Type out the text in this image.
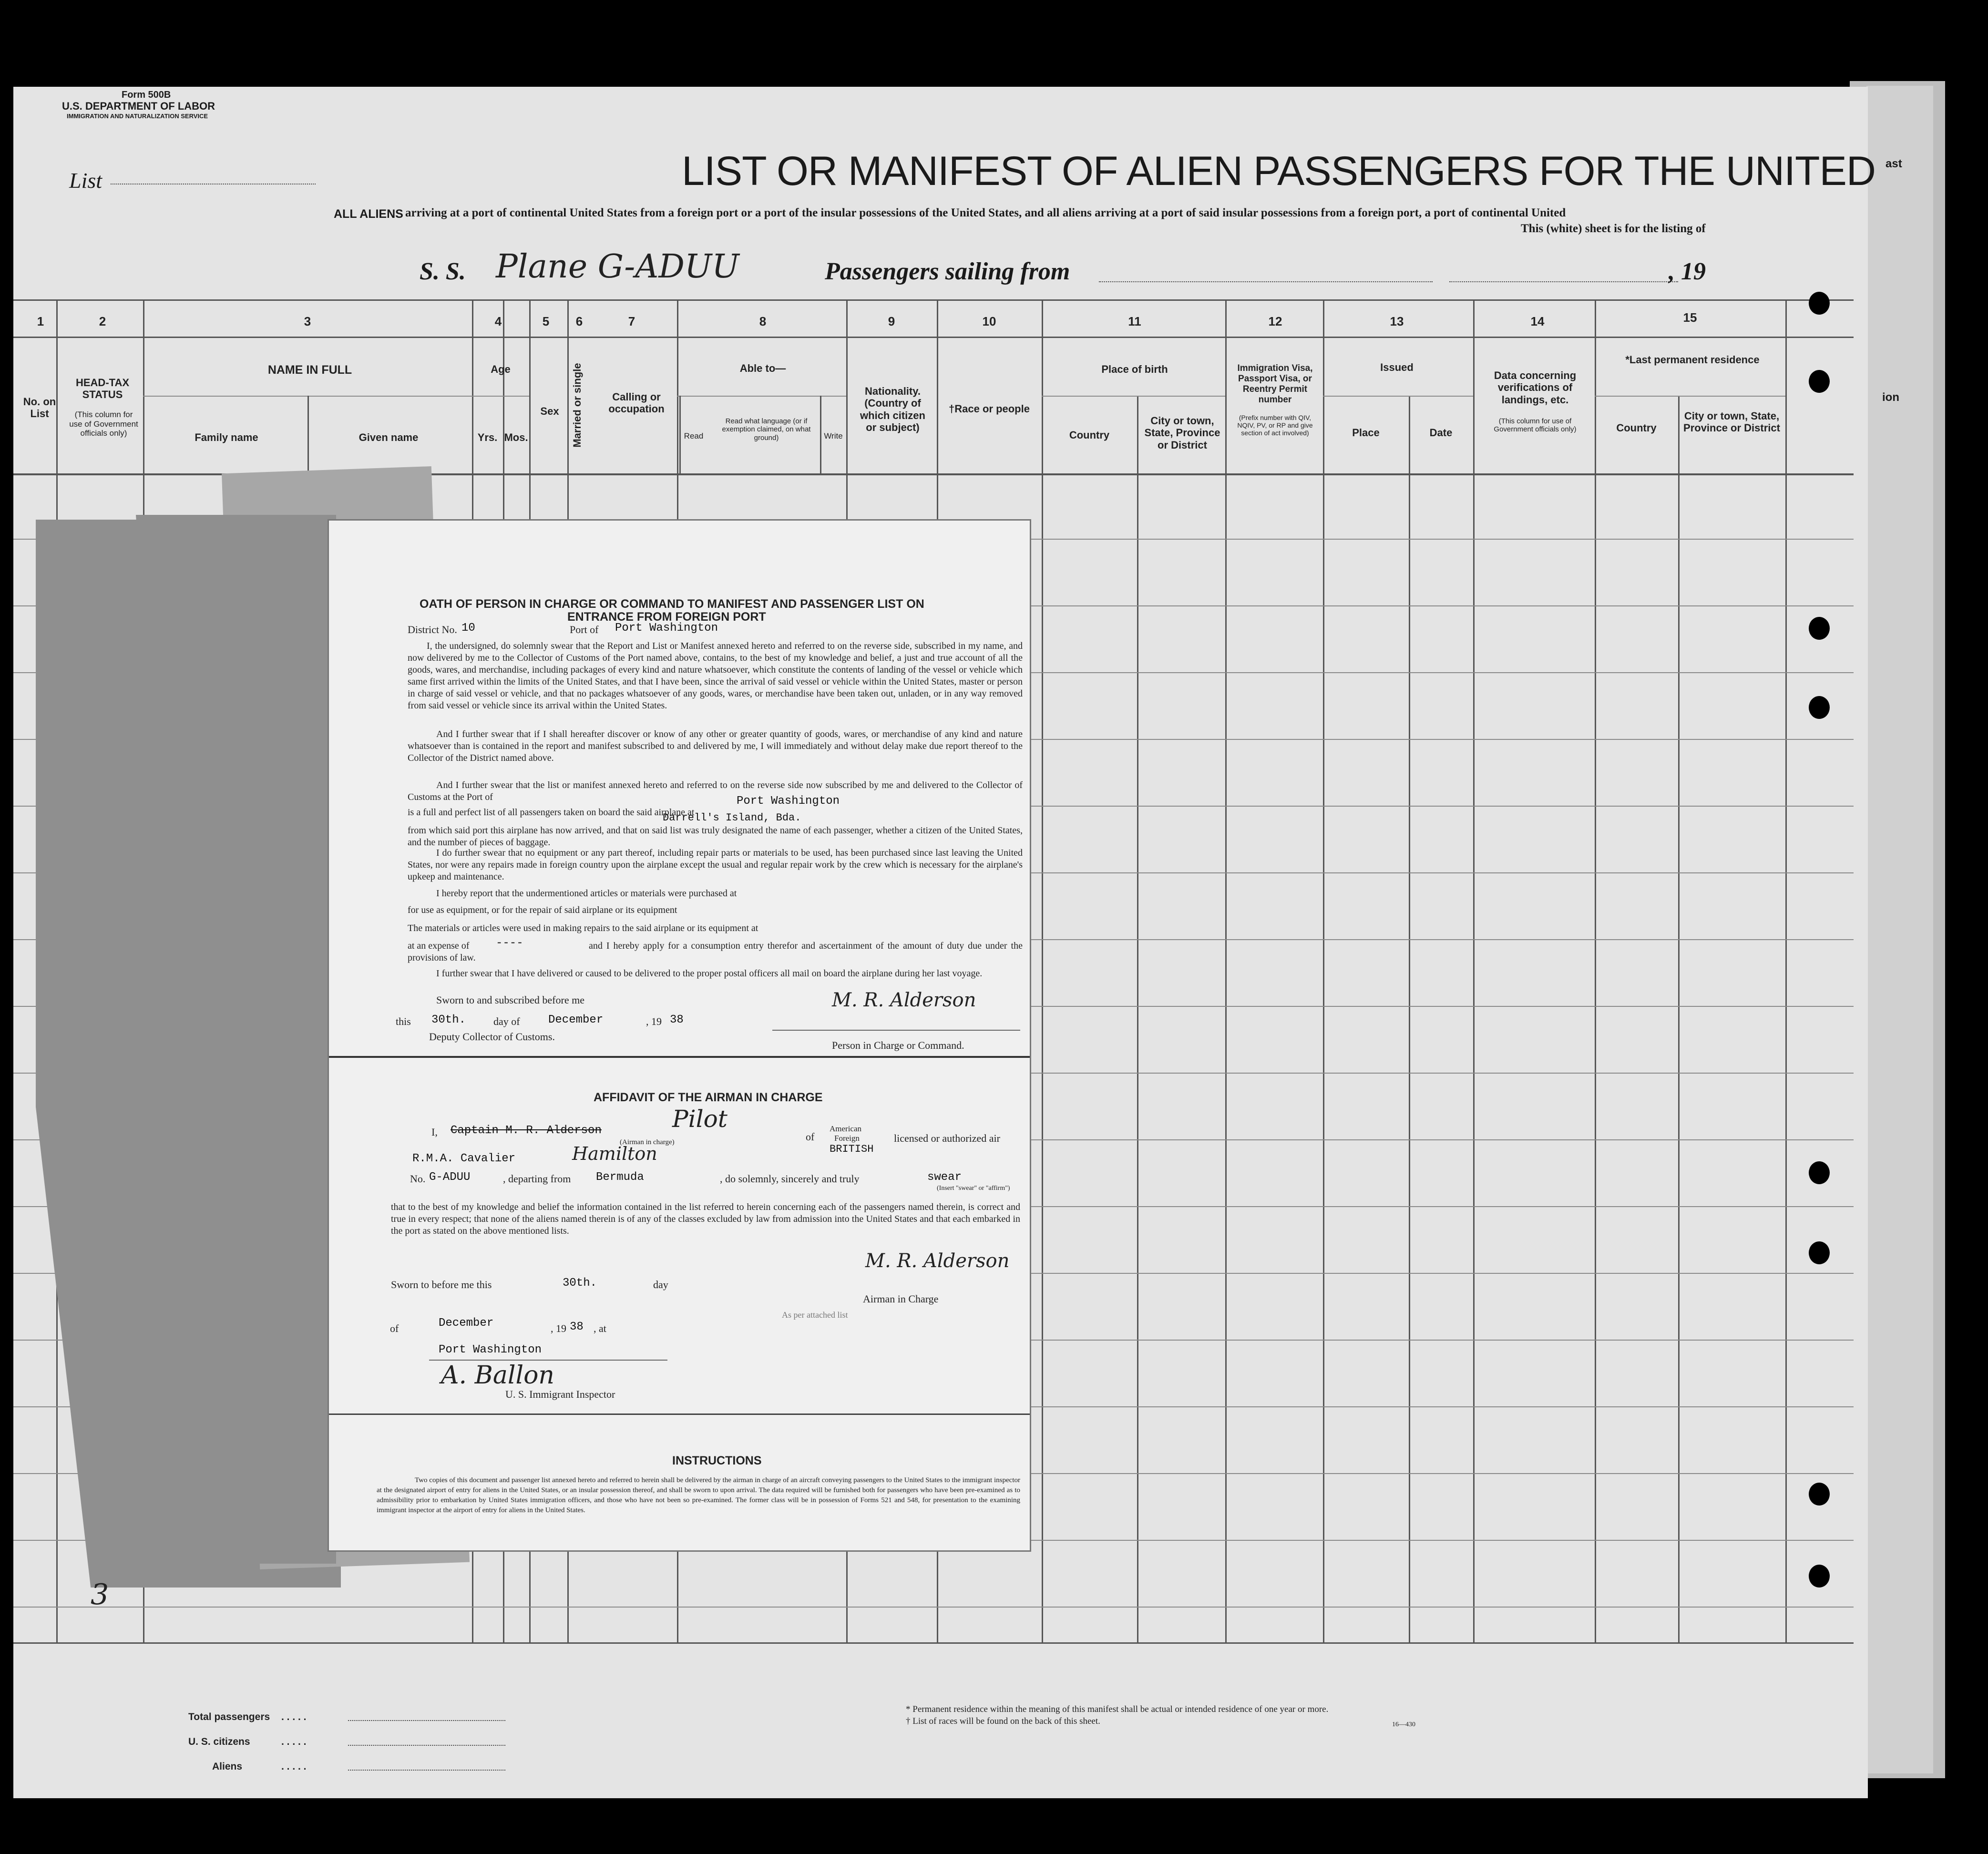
Form 500B
U.S. DEPARTMENT OF LABOR
IMMIGRATION AND NATURALIZATION SERVICE
List	LIST OR MANIFEST OF ALIEN PASSENGERS FOR THE UNITED
ALL ALIENS arriving at a port of continental United States from a foreign port or a port of the insular possessions of the United States, and all aliens arriving at a port of said insular possessions from a foreign port, a port of continental United
This (white) sheet is for the listing of
S. S. Plane G-ADUU	Passengers sailing from	, 19
ast
ion
1	2	3	4	5	6	7	8	9	10	11	12	13	14	15
No. on List
HEAD-TAX STATUS
(This column for use of Government officials only)
NAME IN FULL
Family name	Given name
Age
Yrs. Mos.
Sex	Married or single	Calling or occupation
Able to—
Read
Read what language (or if exemption claimed, on what ground)	Write
Nationality. (Country of which citizen or subject)
†Race or people
Place of birth
Country
City or town, State, Province or District
Immigration Visa, Passport Visa, or Reentry Permit number
(Prefix number with QIV, NQIV, PV, or RP and give section of act involved)
Issued
Place	Date
Data concerning verifications of landings, etc.
(This column for use of Government officials only)
*Last permanent residence
Country
City or town, State, Province or District
OATH OF PERSON IN CHARGE OR COMMAND TO MANIFEST AND PASSENGER LIST ON
ENTRANCE FROM FOREIGN PORT
District No. 10	Port of Port Washington
I, the undersigned, do solemnly swear that the Report and List or Manifest annexed hereto and referred to on the reverse side, subscribed in my name, and now delivered by me to the Collector of Customs of the Port named above, contains, to the best of my knowledge and belief, a just and true account of all the goods, wares, and merchandise, including packages of every kind and nature whatsoever, which constitute the contents of landing of the vessel or vehicle which same first arrived within the limits of the United States, and that I have been, since the arrival of said vessel or vehicle within the United States, master or person in charge of said vessel or vehicle, and that no packages whatsoever of any goods, wares, or merchandise have been taken out, unladen, or in any way removed from said vessel or vehicle since its arrival within the United States.
And I further swear that if I shall hereafter discover or know of any other or greater quantity of goods, wares, or merchandise of any kind and nature whatsoever than is contained in the report and manifest subscribed to and delivered by me, I will immediately and without delay make due report thereof to the Collector of the District named above.
And I further swear that the list or manifest annexed hereto and referred to on the reverse side now subscribed by me and delivered to the Collector of Customs at the Port of	Port Washington
is a full and perfect list of all passengers taken on board the said airplane at
Darrell's Island, Bda.
from which said port this airplane has now arrived, and that on said list was truly designated the name of each passenger, whether a citizen of the United States, and the number of pieces of baggage.
I do further swear that no equipment or any part thereof, including repair parts or materials to be used, has been purchased since last leaving the United States, nor were any repairs made in foreign country upon the airplane except the usual and regular repair work by the crew which is necessary for the airplane's upkeep and maintenance.
I hereby report that the undermentioned articles or materials were purchased at
for use as equipment, or for the repair of said airplane or its equipment
The materials or articles were used in making repairs to the said airplane or its equipment at
at an expense of	----	and I hereby apply for a consumption entry therefor and ascertainment of the amount of duty due under the provisions of law.
I further swear that I have delivered or caused to be delivered to the proper postal officers all mail on board the airplane during her last voyage.
Sworn to and subscribed before me
this 30th.	day of December	, 19 38
Deputy Collector of Customs.
M. R. Alderson
Person in Charge or Command.
AFFIDAVIT OF THE AIRMAN IN CHARGE
I, Captain M. R. Alderson	Pilot
(Airman in charge)	of
American
Foreign
BRITISH
licensed or authorized air
R.M.A. Cavalier	Hamilton
No. G-ADUU	, departing from Bermuda	, do solemnly, sincerely and truly	swear
(Insert "swear" or "affirm")
that to the best of my knowledge and belief the information contained in the list referred to herein concerning each of the passengers named therein, is correct and true in every respect; that none of the aliens named therein is of any of the classes excluded by law from admission into the United States and that each embarked in the port as stated on the above mentioned lists.
Sworn to before me this	30th.	day
M. R. Alderson
Airman in Charge
As per attached list
of	December	, 19 38 , at
Port Washington
A. Ballon
U. S. Immigrant Inspector
INSTRUCTIONS
Two copies of this document and passenger list annexed hereto and referred to herein shall be delivered by the airman in charge of an aircraft conveying passengers to the United States to the immigrant inspector at the designated airport of entry for aliens in the United States, or an insular possession thereof, and shall be sworn to upon arrival. The data required will be furnished both for passengers who have been pre-examined as to admissibility prior to embarkation by United States immigration officers, and those who have not been so pre-examined. The former class will be in possession of Forms 521 and 548, for presentation to the examining immigrant inspector at the airport of entry for aliens in the United States.
3
Total passengers . . . . .
U. S. citizens	. . . . .
Aliens	. . . . .
* Permanent residence within the meaning of this manifest shall be actual or intended residence of one year or more.
† List of races will be found on the back of this sheet.	16—430
